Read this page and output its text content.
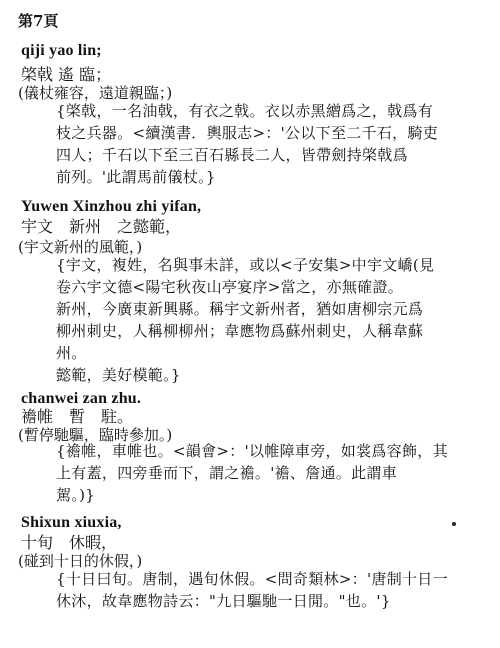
第7頁
qiji yao lin;
棨戟 遙 臨；
(儀杖雍容，遠道親臨；)
{棨戟，一名油戟，有衣之戟。衣以赤黑繒爲之，戟爲有
枝之兵器。<續漢書．輿服志>：'公以下至二千石，騎吏
四人；千石以下至三百石縣長二人，皆帶劍持棨戟爲
前列。'此謂馬前儀杖。}
Yuwen Xinzhou zhi yifan,
宇文　新州　之懿範，
(宇文新州的風範，)
{宇文，複姓，名與事未詳，或以<子安集>中宇文嶠(見
卷六宇文德<陽宅秋夜山亭宴序>當之，亦無確證。
新州，今廣東新興縣。稱宇文新州者，猶如唐柳宗元爲
柳州刺史，人稱柳柳州；韋應物爲蘇州刺史，人稱韋蘇
州。
懿範，美好模範。}
chanwei zan zhu.
襜帷　暫　駐。
(暫停馳驅，臨時參加。)
{襜帷，車帷也。<韻會>：'以帷障車旁，如裳爲容飾，其
上有蓋，四旁垂而下，謂之襜。'襜、詹通。此謂車
駕。)}
Shixun xiuxia,
十旬　休暇，
(碰到十日的休假，)
{十日曰旬。唐制，遇旬休假。<問奇類林>：'唐制十日一
休沐，故韋應物詩云："九日驅馳一日閒。"也。'}
